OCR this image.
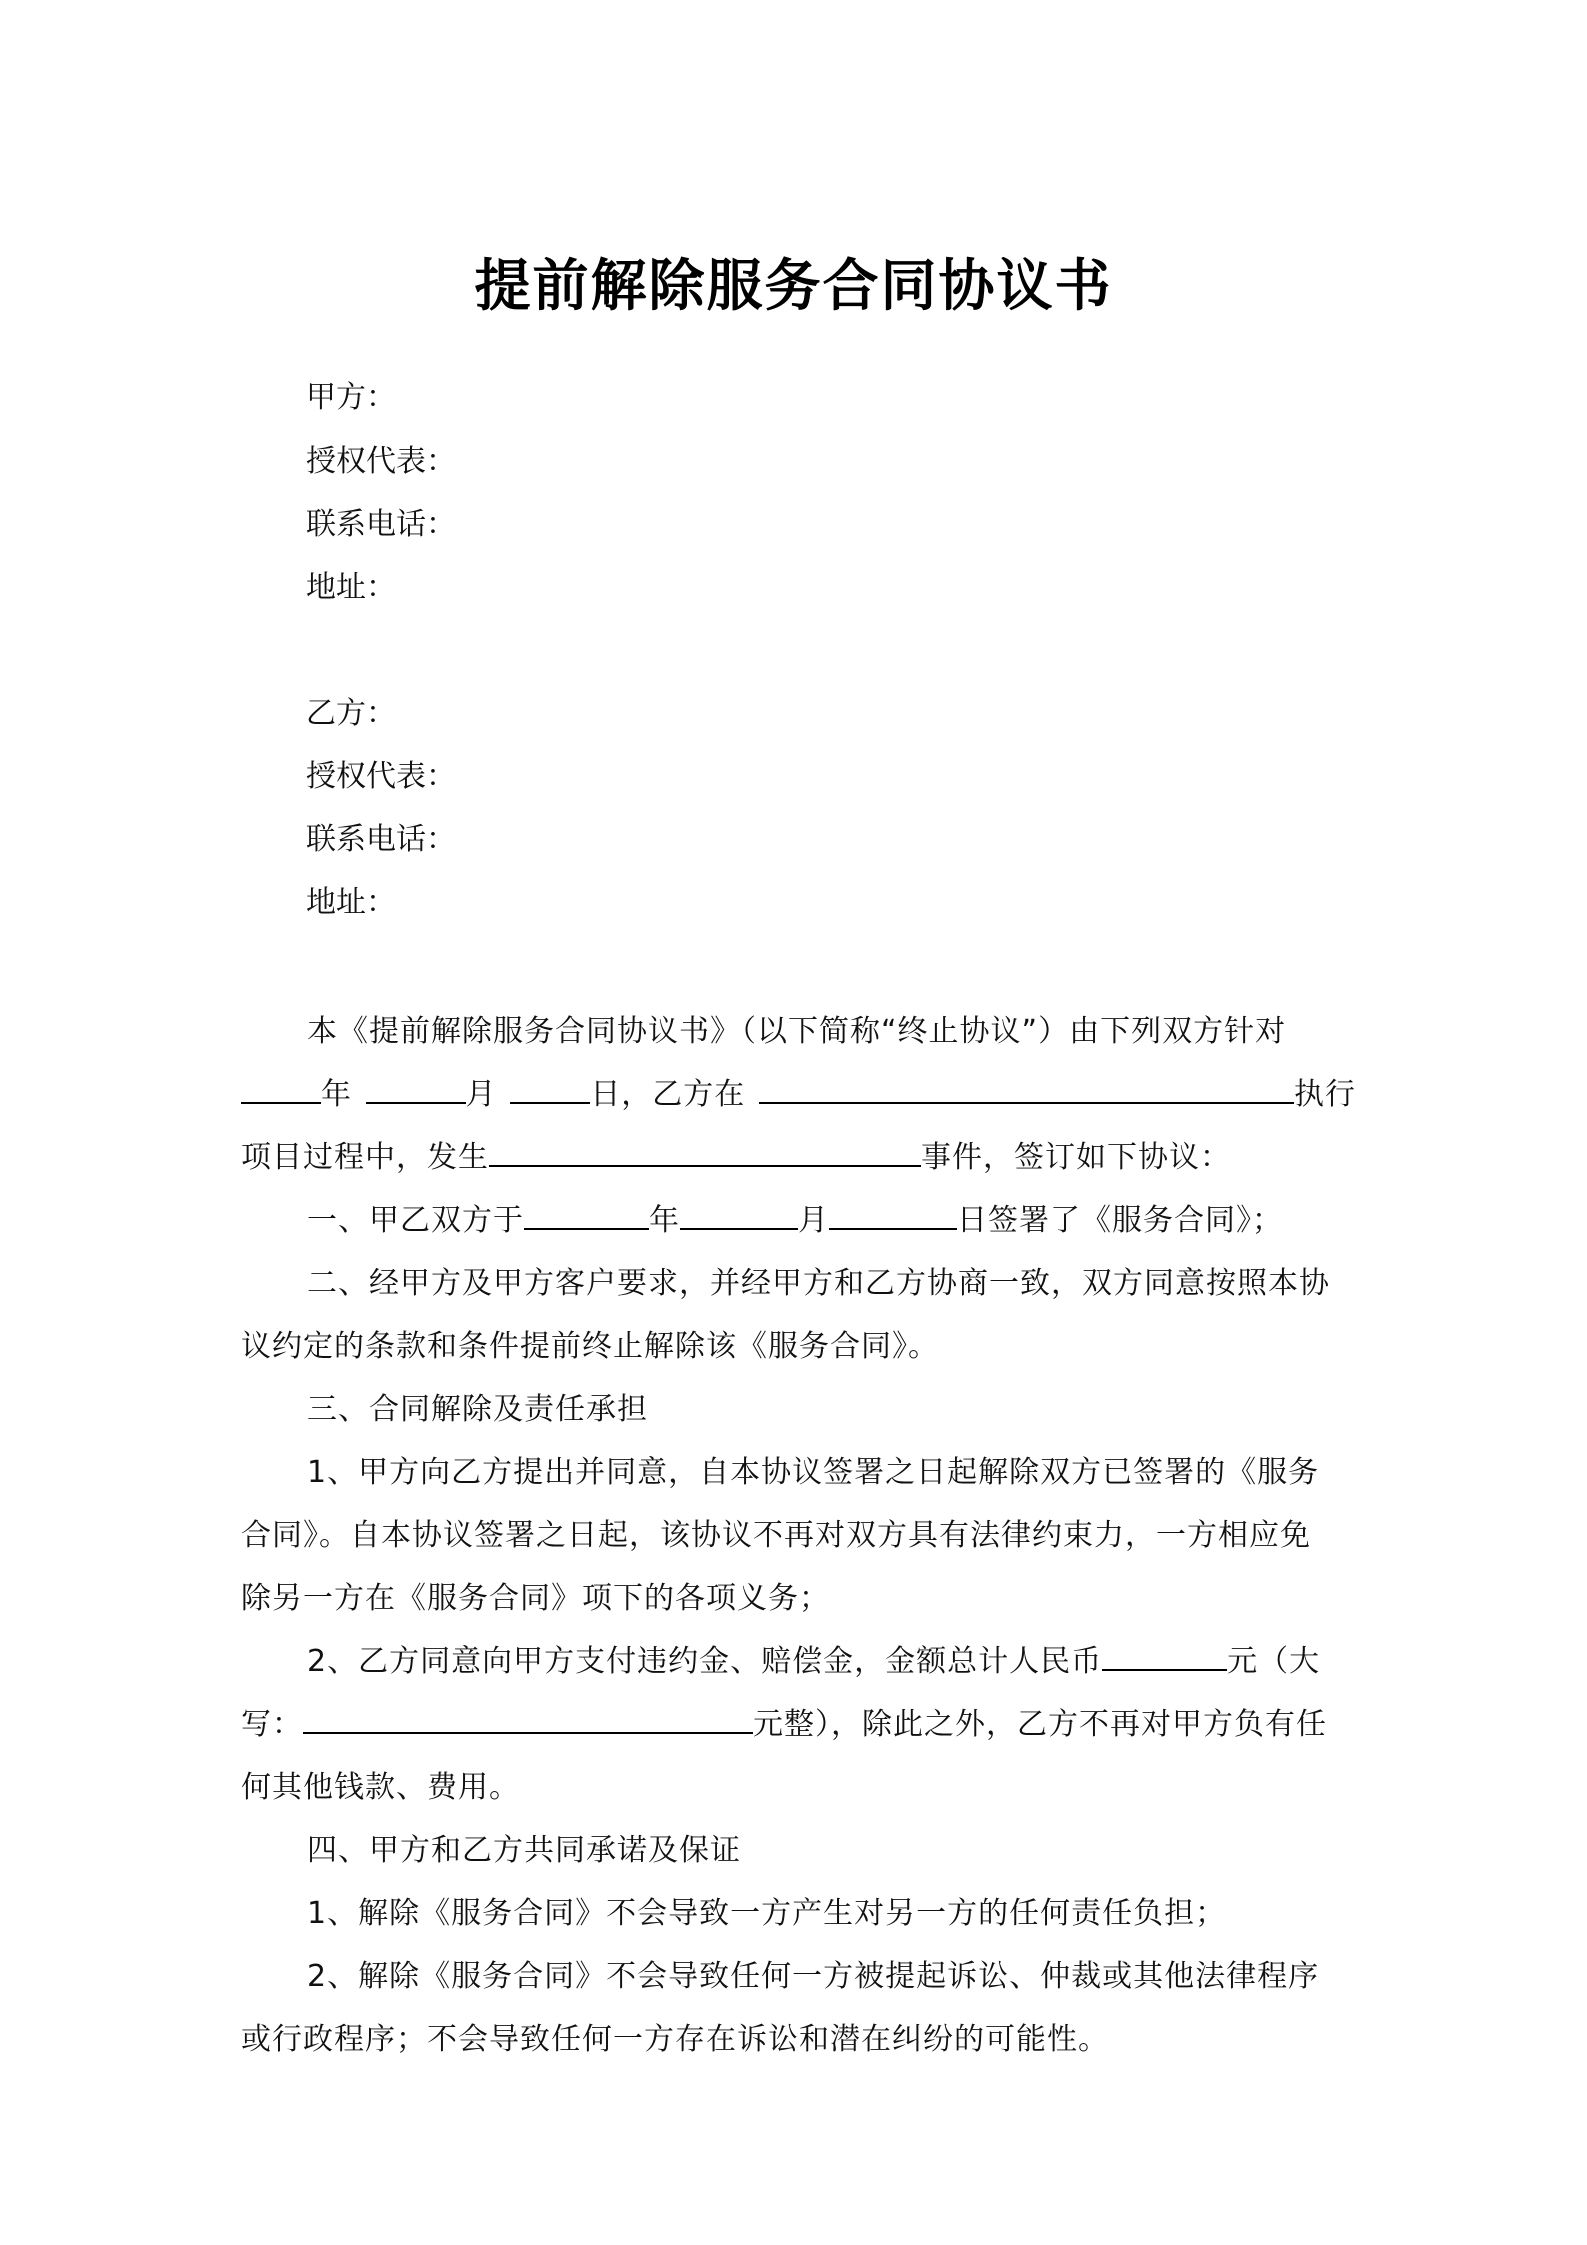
提前解除服务合同协议书
甲方：
授权代表：
联系电话：
地址：
乙方：
授权代表：
联系电话：
地址：
本《提前解除服务合同协议书》（以下简称“终止协议”）由下列双方针对
年	月	日，乙方在	执行
项目过程中，发生	事件，签订如下协议：
一、甲乙双方于	年	月	日签署了《服务合同》；
二、经甲方及甲方客户要求，并经甲方和乙方协商一致，双方同意按照本协
议约定的条款和条件提前终止解除该《服务合同》。
三、合同解除及责任承担
1、甲方向乙方提出并同意，自本协议签署之日起解除双方已签署的《服务
合同》。自本协议签署之日起，该协议不再对双方具有法律约束力，一方相应免
除另一方在《服务合同》项下的各项义务；
2、乙方同意向甲方支付违约金、赔偿金，金额总计人民币	元（大
写：	元整），除此之外，乙方不再对甲方负有任
何其他钱款、费用。
四、甲方和乙方共同承诺及保证
1、解除《服务合同》不会导致一方产生对另一方的任何责任负担；
2、解除《服务合同》不会导致任何一方被提起诉讼、仲裁或其他法律程序
或行政程序；不会导致任何一方存在诉讼和潜在纠纷的可能性。
